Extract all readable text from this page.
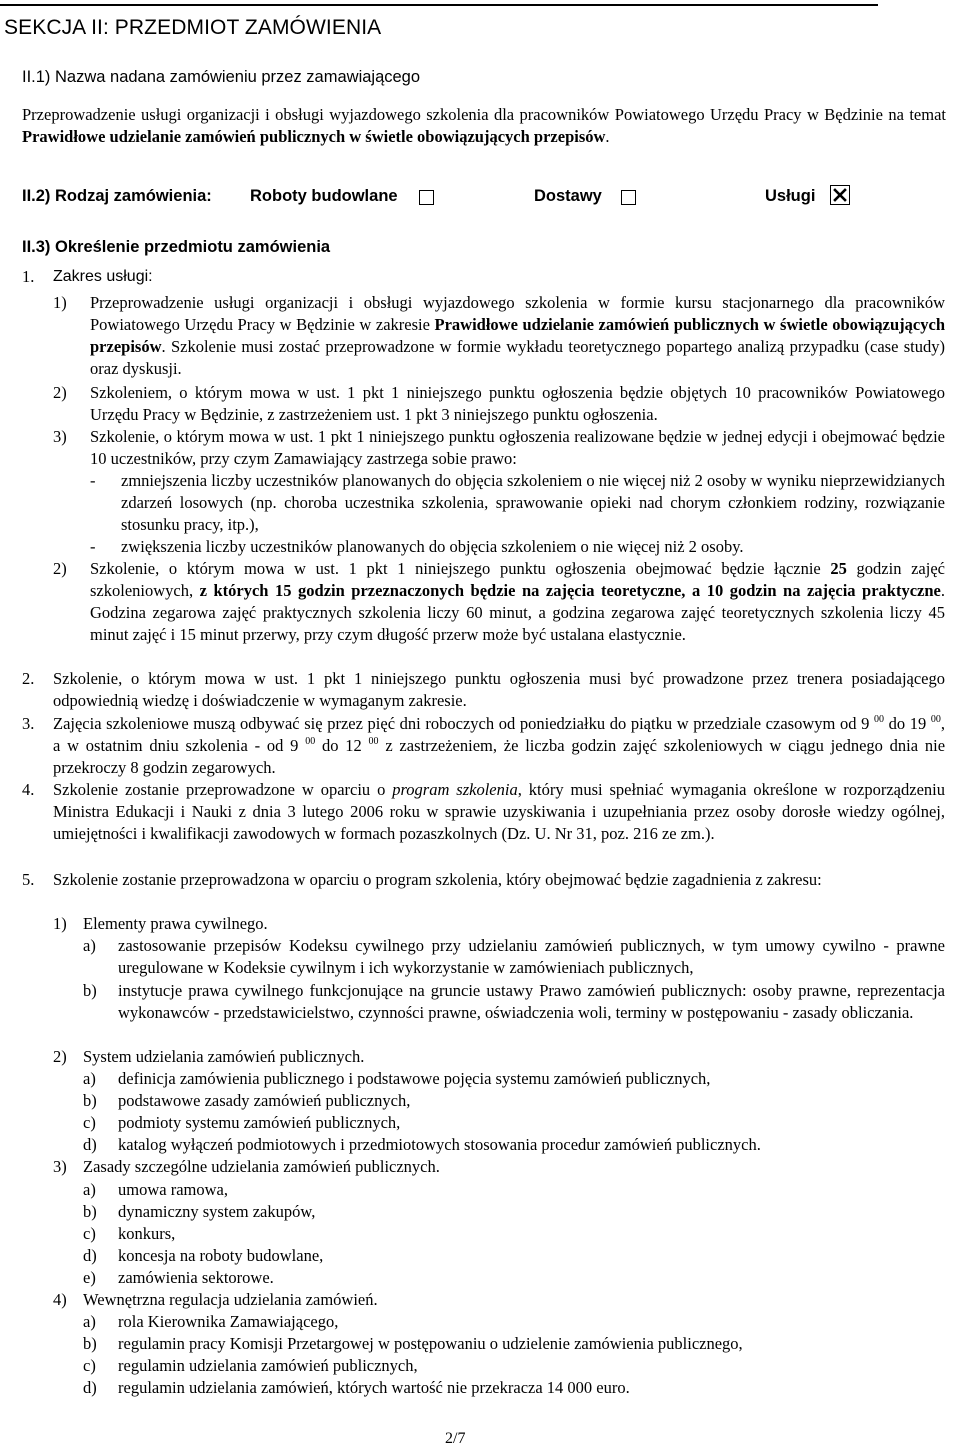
SEKCJA II: PRZEDMIOT ZAMÓWIENIA
II.1) Nazwa nadana zamówieniu przez zamawiającego
Przeprowadzenie usługi organizacji i obsługi wyjazdowego szkolenia dla pracowników Powiatowego Urzędu Pracy w Będzinie na temat Prawidłowe udzielanie zamówień publicznych w świetle obowiązujących przepisów.
II.2) Rodzaj zamówienia: Roboty budowlane	Dostawy	Usługi
II.3) Określenie przedmiotu zamówienia
1. Zakres usługi:
1) Przeprowadzenie usługi organizacji i obsługi wyjazdowego szkolenia w formie kursu stacjonarnego dla pracowników Powiatowego Urzędu Pracy w Będzinie w zakresie Prawidłowe udzielanie zamówień publicznych w świetle obowiązujących przepisów. Szkolenie musi zostać przeprowadzone w formie wykładu teoretycznego popartego analizą przypadku (case study) oraz dyskusji.
2) Szkoleniem, o którym mowa w ust. 1 pkt 1 niniejszego punktu ogłoszenia będzie objętych 10 pracowników Powiatowego Urzędu Pracy w Będzinie, z zastrzeżeniem ust. 1 pkt 3 niniejszego punktu ogłoszenia.
3) Szkolenie, o którym mowa w ust. 1 pkt 1 niniejszego punktu ogłoszenia realizowane będzie w jednej edycji i obejmować będzie 10 uczestników, przy czym Zamawiający zastrzega sobie prawo:
- zmniejszenia liczby uczestników planowanych do objęcia szkoleniem o nie więcej niż 2 osoby w wyniku nieprzewidzianych zdarzeń losowych (np. choroba uczestnika szkolenia, sprawowanie opieki nad chorym członkiem rodziny, rozwiązanie stosunku pracy, itp.),
- zwiększenia liczby uczestników planowanych do objęcia szkoleniem o nie więcej niż 2 osoby.
2) Szkolenie, o którym mowa w ust. 1 pkt 1 niniejszego punktu ogłoszenia obejmować będzie łącznie 25 godzin zajęć szkoleniowych, z których 15 godzin przeznaczonych będzie na zajęcia teoretyczne, a 10 godzin na zajęcia praktyczne. Godzina zegarowa zajęć praktycznych szkolenia liczy 60 minut, a godzina zegarowa zajęć teoretycznych szkolenia liczy 45 minut zajęć i 15 minut przerwy, przy czym długość przerw może być ustalana elastycznie.
2. Szkolenie, o którym mowa w ust. 1 pkt 1 niniejszego punktu ogłoszenia musi być prowadzone przez trenera posiadającego odpowiednią wiedzę i doświadczenie w wymaganym zakresie.
3. Zajęcia szkoleniowe muszą odbywać się przez pięć dni roboczych od poniedziałku do piątku w przedziale czasowym od 9 $^{00}$ do 19 $^{00}$, a w ostatnim dniu szkolenia - od 9 $^{00}$ do 12 $^{00}$ z zastrzeżeniem, że liczba godzin zajęć szkoleniowych w ciągu jednego dnia nie przekroczy 8 godzin zegarowych.
4. Szkolenie zostanie przeprowadzone w oparciu o program szkolenia, który musi spełniać wymagania określone w rozporządzeniu Ministra Edukacji i Nauki z dnia 3 lutego 2006 roku w sprawie uzyskiwania i uzupełniania przez osoby dorosłe wiedzy ogólnej, umiejętności i kwalifikacji zawodowych w formach pozaszkolnych (Dz. U. Nr 31, poz. 216 ze zm.).
5. Szkolenie zostanie przeprowadzona w oparciu o program szkolenia, który obejmować będzie zagadnienia z zakresu:
1) Elementy prawa cywilnego.
a) zastosowanie przepisów Kodeksu cywilnego przy udzielaniu zamówień publicznych, w tym umowy cywilno - prawne uregulowane w Kodeksie cywilnym i ich wykorzystanie w zamówieniach publicznych,
b) instytucje prawa cywilnego funkcjonujące na gruncie ustawy Prawo zamówień publicznych: osoby prawne, reprezentacja wykonawców - przedstawicielstwo, czynności prawne, oświadczenia woli, terminy w postępowaniu - zasady obliczania.
2) System udzielania zamówień publicznych.
a) definicja zamówienia publicznego i podstawowe pojęcia systemu zamówień publicznych,
b) podstawowe zasady zamówień publicznych,
c) podmioty systemu zamówień publicznych,
d) katalog wyłączeń podmiotowych i przedmiotowych stosowania procedur zamówień publicznych.
3) Zasady szczególne udzielania zamówień publicznych.
a) umowa ramowa,
b) dynamiczny system zakupów,
c) konkurs,
d) koncesja na roboty budowlane,
e) zamówienia sektorowe.
4) Wewnętrzna regulacja udzielania zamówień.
a) rola Kierownika Zamawiającego,
b) regulamin pracy Komisji Przetargowej w postępowaniu o udzielenie zamówienia publicznego,
c) regulamin udzielania zamówień publicznych,
d) regulamin udzielania zamówień, których wartość nie przekracza 14 000 euro.
2/7
